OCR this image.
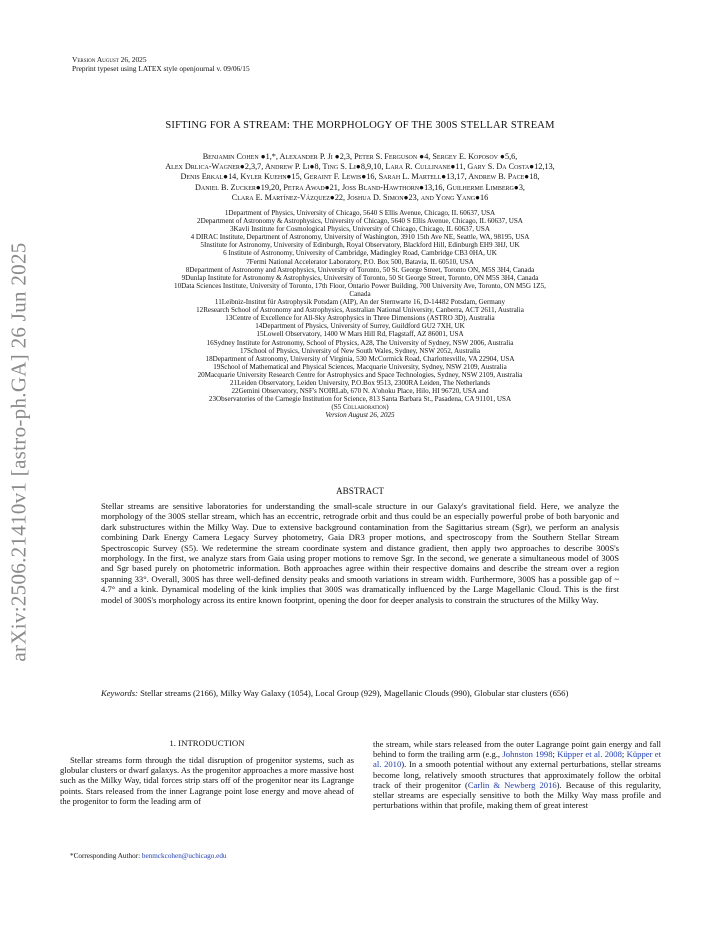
arXiv:2506.21410v1 [astro-ph.GA] 26 Jun 2025
Version August 26, 2025
Preprint typeset using LATEX style openjournal v. 09/06/15
SIFTING FOR A STREAM: THE MORPHOLOGY OF THE 300S STELLAR STREAM
Benjamin Cohen ●1,*, Alexander P. Ji ●2,3, Peter S. Ferguson ●4, Sergey E. Koposov ●5,6,
Alex Drlica-Wagner●2,3,7, Andrew P. Li●8, Ting S. Li●8,9,10, Lara R. Cullinane●11, Gary S. Da Costa●12,13,
Denis Erkal●14, Kyler Kuehn●15, Geraint F. Lewis●16, Sarah L. Martell●13,17, Andrew B. Pace●18,
Daniel B. Zucker●19,20, Petra Awad●21, Joss Bland-Hawthorn●13,16, Guilherme Limberg●3,
Clara E. Martínez-Vázquez●22, Joshua D. Simon●23, and Yong Yang●16
1Department of Physics, University of Chicago, 5640 S Ellis Avenue, Chicago, IL 60637, USA
2Department of Astronomy & Astrophysics, University of Chicago, 5640 S Ellis Avenue, Chicago, IL 60637, USA
3Kavli Institute for Cosmological Physics, University of Chicago, Chicago, IL 60637, USA
4 DIRAC Institute, Department of Astronomy, University of Washington, 3910 15th Ave NE, Seattle, WA, 98195, USA
5Institute for Astronomy, University of Edinburgh, Royal Observatory, Blackford Hill, Edinburgh EH9 3HJ, UK
6 Institute of Astronomy, University of Cambridge, Madingley Road, Cambridge CB3 0HA, UK
7Fermi National Accelerator Laboratory, P.O. Box 500, Batavia, IL 60510, USA
8Department of Astronomy and Astrophysics, University of Toronto, 50 St. George Street, Toronto ON, M5S 3H4, Canada
9Dunlap Institute for Astronomy & Astrophysics, University of Toronto, 50 St George Street, Toronto, ON M5S 3H4, Canada
10Data Sciences Institute, University of Toronto, 17th Floor, Ontario Power Building, 700 University Ave, Toronto, ON M5G 1Z5,
Canada
11Leibniz-Institut für Astrophysik Potsdam (AIP), An der Sternwarte 16, D-14482 Potsdam, Germany
12Research School of Astronomy and Astrophysics, Australian National University, Canberra, ACT 2611, Australia
13Centre of Excellence for All-Sky Astrophysics in Three Dimensions (ASTRO 3D), Australia
14Department of Physics, University of Surrey, Guildford GU2 7XH, UK
15Lowell Observatory, 1400 W Mars Hill Rd, Flagstaff, AZ 86001, USA
16Sydney Institute for Astronomy, School of Physics, A28, The University of Sydney, NSW 2006, Australia
17School of Physics, University of New South Wales, Sydney, NSW 2052, Australia
18Department of Astronomy, University of Virginia, 530 McCormick Road, Charlottesville, VA 22904, USA
19School of Mathematical and Physical Sciences, Macquarie University, Sydney, NSW 2109, Australia
20Macquarie University Research Centre for Astrophysics and Space Technologies, Sydney, NSW 2109, Australia
21Leiden Observatory, Leiden University, P.O.Box 9513, 2300RA Leiden, The Netherlands
22Gemini Observatory, NSF's NOIRLab, 670 N. A'ohoku Place, Hilo, HI 96720, USA and
23Observatories of the Carnegie Institution for Science, 813 Santa Barbara St., Pasadena, CA 91101, USA
(S5 Collaboration)
Version August 26, 2025
ABSTRACT
Stellar streams are sensitive laboratories for understanding the small-scale structure in our Galaxy's gravitational field. Here, we analyze the morphology of the 300S stellar stream, which has an eccentric, retrograde orbit and thus could be an especially powerful probe of both baryonic and dark substructures within the Milky Way. Due to extensive background contamination from the Sagittarius stream (Sgr), we perform an analysis combining Dark Energy Camera Legacy Survey photometry, Gaia DR3 proper motions, and spectroscopy from the Southern Stellar Stream Spectroscopic Survey (S5). We redetermine the stream coordinate system and distance gradient, then apply two approaches to describe 300S's morphology. In the first, we analyze stars from Gaia using proper motions to remove Sgr. In the second, we generate a simultaneous model of 300S and Sgr based purely on photometric information. Both approaches agree within their respective domains and describe the stream over a region spanning 33°. Overall, 300S has three well-defined density peaks and smooth variations in stream width. Furthermore, 300S has a possible gap of ~ 4.7° and a kink. Dynamical modeling of the kink implies that 300S was dramatically influenced by the Large Magellanic Cloud. This is the first model of 300S's morphology across its entire known footprint, opening the door for deeper analysis to constrain the structures of the Milky Way.
Keywords: Stellar streams (2166), Milky Way Galaxy (1054), Local Group (929), Magellanic Clouds (990), Globular star clusters (656)
1. INTRODUCTION
Stellar streams form through the tidal disruption of progenitor systems, such as globular clusters or dwarf galaxys. As the progenitor approaches a more massive host such as the Milky Way, tidal forces strip stars off of the progenitor near its Lagrange points. Stars released from the inner Lagrange point lose energy and move ahead of the progenitor to form the leading arm of
the stream, while stars released from the outer Lagrange point gain energy and fall behind to form the trailing arm (e.g., Johnston 1998; Küpper et al. 2008; Küpper et al. 2010). In a smooth potential without any external perturbations, stellar streams become long, relatively smooth structures that approximately follow the orbital track of their progenitor (Carlin & Newberg 2016). Because of this regularity, stellar streams are especially sensitive to both the Milky Way mass profile and perturbations within that profile, making them of great interest
*Corresponding Author: benmckcohen@uchicago.edu
